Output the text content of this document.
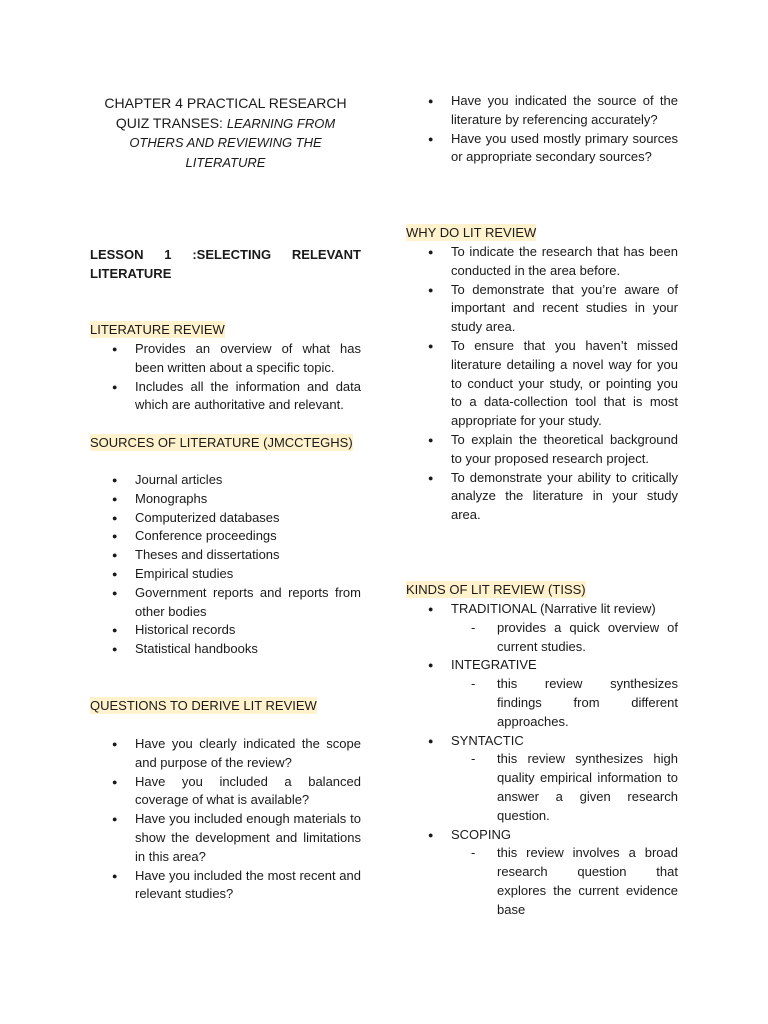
CHAPTER 4 PRACTICAL RESEARCH
QUIZ TRANSES: LEARNING FROM OTHERS AND REVIEWING THE LITERATURE
LESSON 1 :SELECTING RELEVANT LITERATURE
LITERATURE REVIEW
● Provides an overview of what has been written about a specific topic.
● Includes all the information and data which are authoritative and relevant.
SOURCES OF LITERATURE (JMCCTEGHS)
● Journal articles
● Monographs
● Computerized databases
● Conference proceedings
● Theses and dissertations
● Empirical studies
● Government reports and reports from other bodies
● Historical records
● Statistical handbooks
QUESTIONS TO DERIVE LIT REVIEW
● Have you clearly indicated the scope and purpose of the review?
● Have you included a balanced coverage of what is available?
● Have you included enough materials to show the development and limitations in this area?
● Have you included the most recent and relevant studies?
● Have you indicated the source of the literature by referencing accurately?
● Have you used mostly primary sources or appropriate secondary sources?
WHY DO LIT REVIEW
● To indicate the research that has been conducted in the area before.
● To demonstrate that you’re aware of important and recent studies in your study area.
● To ensure that you haven’t missed literature detailing a novel way for you to conduct your study, or pointing you to a data-collection tool that is most appropriate for your study.
● To explain the theoretical background to your proposed research project.
● To demonstrate your ability to critically analyze the literature in your study area.
KINDS OF LIT REVIEW (TISS)
● TRADITIONAL (Narrative lit review)
- provides a quick overview of current studies.
● INTEGRATIVE
- this review synthesizes findings from different approaches.
● SYNTACTIC
- this review synthesizes high quality empirical information to answer a given research question.
● SCOPING
- this review involves a broad research question that explores the current evidence base
